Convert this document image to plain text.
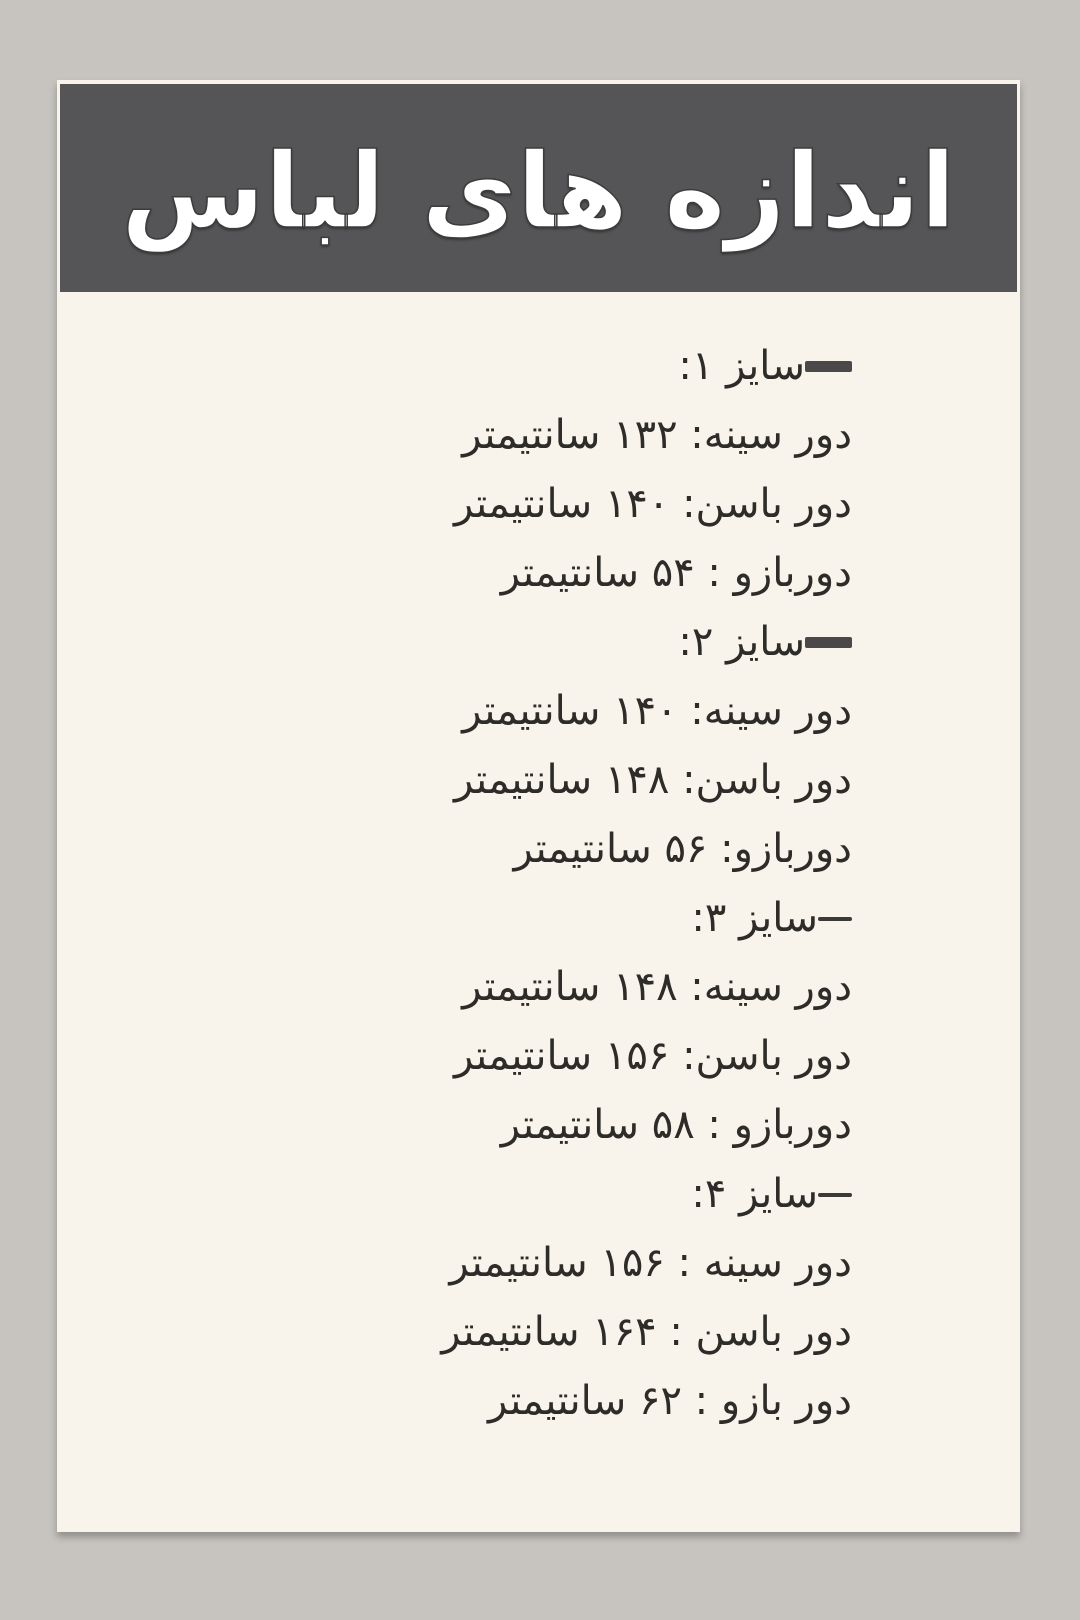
اندازه های لباس
سایز ۱:
دور سینه: ۱۳۲ سانتیمتر
دور باسن: ۱۴۰ سانتیمتر
دوربازو : ۵۴ سانتیمتر
سایز ۲:
دور سینه: ۱۴۰ سانتیمتر
دور باسن: ۱۴۸ سانتیمتر
دوربازو: ۵۶ سانتیمتر
سایز ۳:
دور سینه: ۱۴۸ سانتیمتر
دور باسن: ۱۵۶ سانتیمتر
دوربازو : ۵۸ سانتیمتر
سایز ۴:
دور سینه : ۱۵۶ سانتیمتر
دور باسن : ۱۶۴ سانتیمتر
دور بازو : ۶۲ سانتیمتر
